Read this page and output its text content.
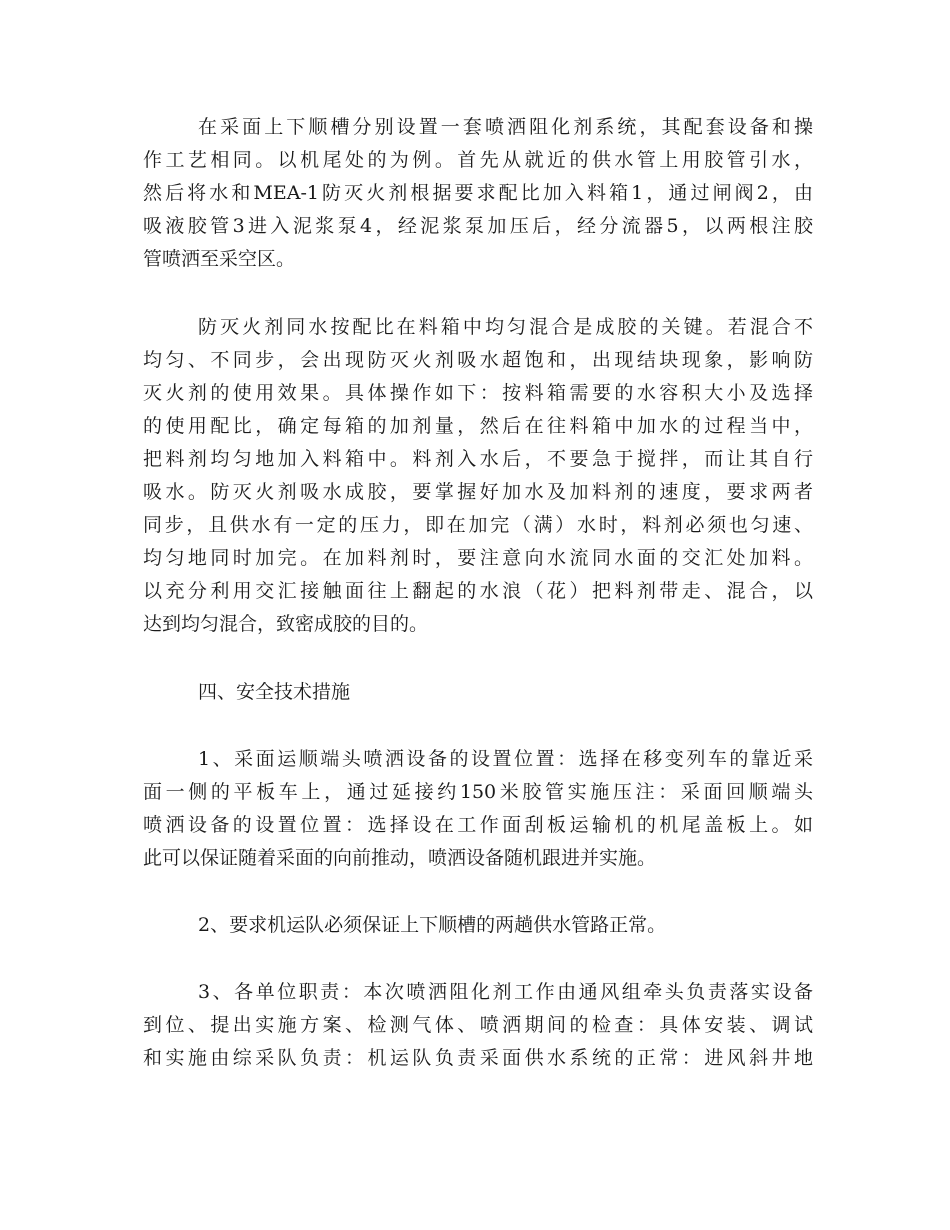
在采面上下顺槽分别设置一套喷洒阻化剂系统，其配套设备和操
作工艺相同。以机尾处的为例。首先从就近的供水管上用胶管引水，
然后将水和MEA-1防灭火剂根据要求配比加入料箱1，通过闸阀2，由
吸液胶管3进入泥浆泵4，经泥浆泵加压后，经分流器5，以两根注胶
管喷洒至采空区。
防灭火剂同水按配比在料箱中均匀混合是成胶的关键。若混合不
均匀、不同步，会出现防灭火剂吸水超饱和，出现结块现象，影响防
灭火剂的使用效果。具体操作如下：按料箱需要的水容积大小及选择
的使用配比，确定每箱的加剂量，然后在往料箱中加水的过程当中，
把料剂均匀地加入料箱中。料剂入水后，不要急于搅拌，而让其自行
吸水。防灭火剂吸水成胶，要掌握好加水及加料剂的速度，要求两者
同步，且供水有一定的压力，即在加完（满）水时，料剂必须也匀速、
均匀地同时加完。在加料剂时，要注意向水流同水面的交汇处加料。
以充分利用交汇接触面往上翻起的水浪（花）把料剂带走、混合，以
达到均匀混合，致密成胶的目的。
四、安全技术措施
1、采面运顺端头喷洒设备的设置位置：选择在移变列车的靠近采
面一侧的平板车上，通过延接约150米胶管实施压注：采面回顺端头
喷洒设备的设置位置：选择设在工作面刮板运输机的机尾盖板上。如
此可以保证随着采面的向前推动，喷洒设备随机跟进并实施。
2、要求机运队必须保证上下顺槽的两趟供水管路正常。
3、各单位职责：本次喷洒阻化剂工作由通风组牵头负责落实设备
到位、提出实施方案、检测气体、喷洒期间的检查：具体安装、调试
和实施由综采队负责：机运队负责采面供水系统的正常：进风斜井地
